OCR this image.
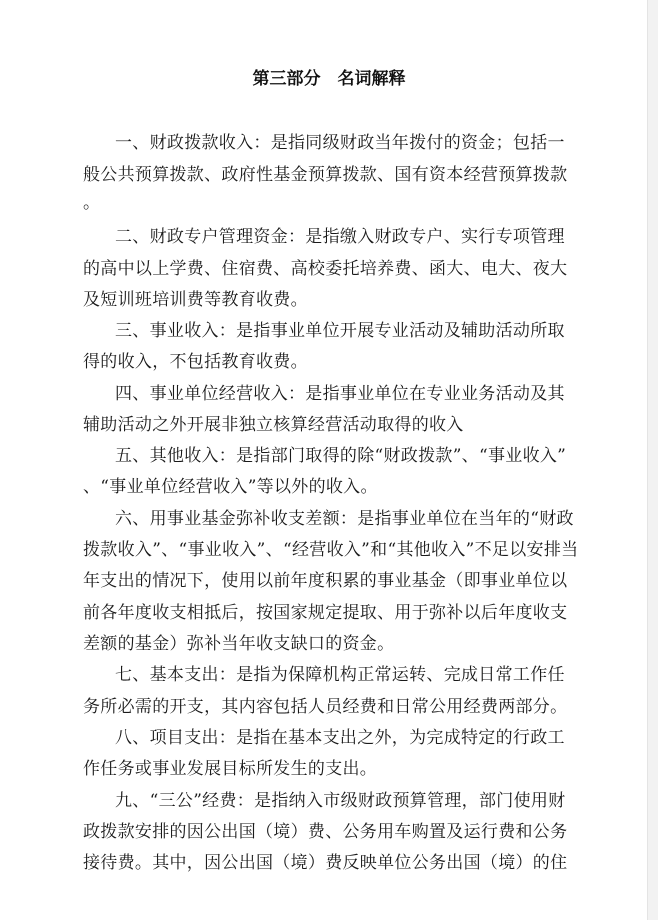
第三部分　名词解释
一、财政拨款收入：是指同级财政当年拨付的资金；包括一
般公共预算拨款、政府性基金预算拨款、国有资本经营预算拨款
。
二、财政专户管理资金：是指缴入财政专户、实行专项管理
的高中以上学费、住宿费、高校委托培养费、函大、电大、夜大
及短训班培训费等教育收费。
三、事业收入：是指事业单位开展专业活动及辅助活动所取
得的收入，不包括教育收费。
四、事业单位经营收入：是指事业单位在专业业务活动及其
辅助活动之外开展非独立核算经营活动取得的收入
五、其他收入：是指部门取得的除“财政拨款”、“事业收入”
、“事业单位经营收入”等以外的收入。
六、用事业基金弥补收支差额：是指事业单位在当年的“财政
拨款收入”、“事业收入”、“经营收入”和“其他收入”不足以安排当
年支出的情况下，使用以前年度积累的事业基金（即事业单位以
前各年度收支相抵后，按国家规定提取、用于弥补以后年度收支
差额的基金）弥补当年收支缺口的资金。
七、基本支出：是指为保障机构正常运转、完成日常工作任
务所必需的开支，其内容包括人员经费和日常公用经费两部分。
八、项目支出：是指在基本支出之外，为完成特定的行政工
作任务或事业发展目标所发生的支出。
九、“三公”经费：是指纳入市级财政预算管理，部门使用财
政拨款安排的因公出国（境）费、公务用车购置及运行费和公务
接待费。其中，因公出国（境）费反映单位公务出国（境）的住
